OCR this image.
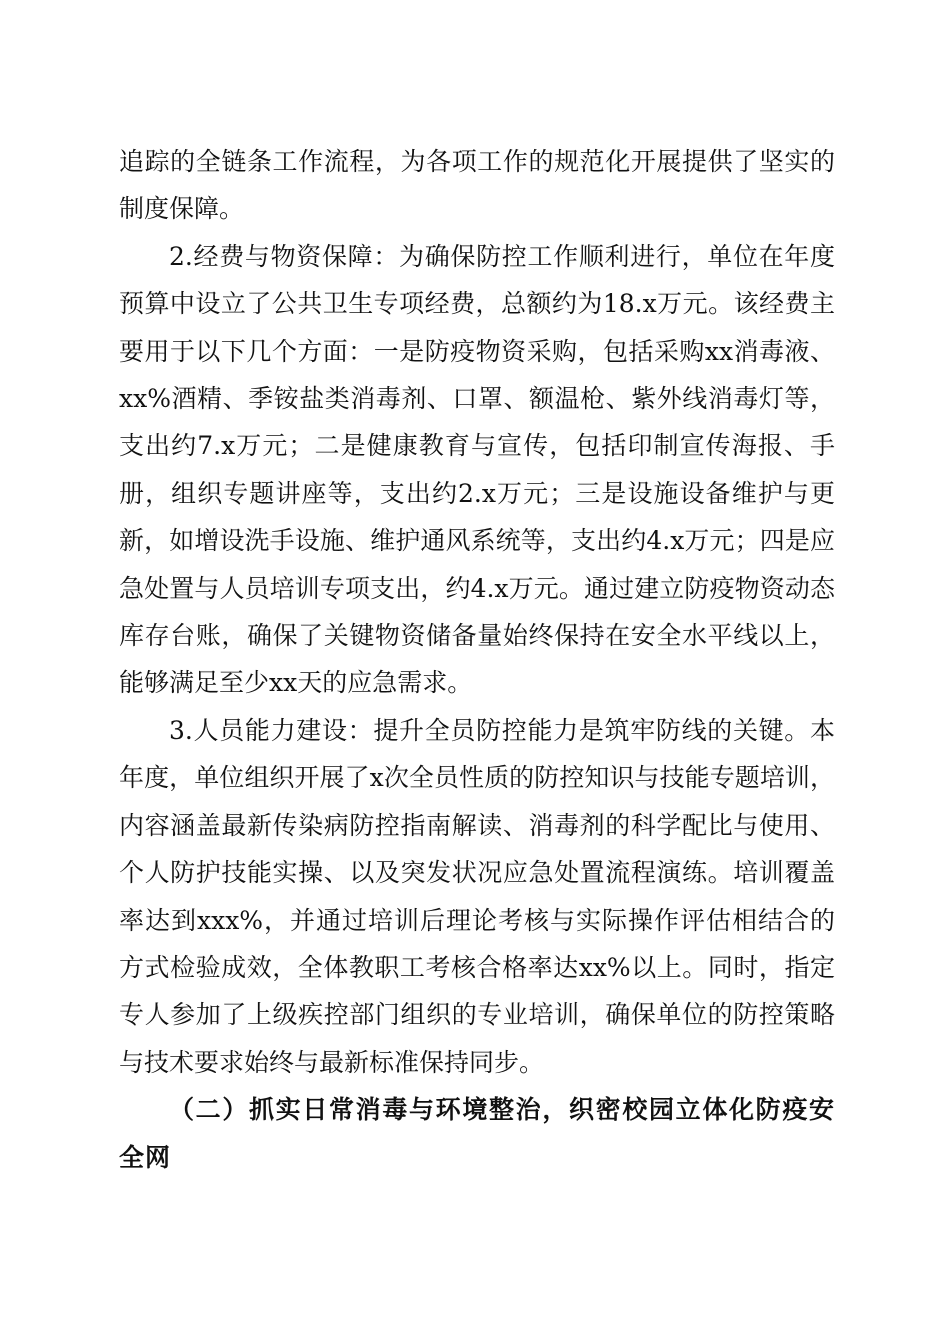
追踪的全链条工作流程，为各项工作的规范化开展提供了坚实的制度保障。

2.经费与物资保障：为确保防控工作顺利进行，单位在年度预算中设立了公共卫生专项经费，总额约为18.x万元。该经费主要用于以下几个方面：一是防疫物资采购，包括采购xx消毒液、xx%酒精、季铵盐类消毒剂、口罩、额温枪、紫外线消毒灯等，支出约7.x万元；二是健康教育与宣传，包括印制宣传海报、手册，组织专题讲座等，支出约2.x万元；三是设施设备维护与更新，如增设洗手设施、维护通风系统等，支出约4.x万元；四是应急处置与人员培训专项支出，约4.x万元。通过建立防疫物资动态库存台账，确保了关键物资储备量始终保持在安全水平线以上，能够满足至少xx天的应急需求。

3.人员能力建设：提升全员防控能力是筑牢防线的关键。本年度，单位组织开展了x次全员性质的防控知识与技能专题培训，内容涵盖最新传染病防控指南解读、消毒剂的科学配比与使用、个人防护技能实操、以及突发状况应急处置流程演练。培训覆盖率达到xxx%，并通过培训后理论考核与实际操作评估相结合的方式检验成效，全体教职工考核合格率达xx%以上。同时，指定专人参加了上级疾控部门组织的专业培训，确保单位的防控策略与技术要求始终与最新标准保持同步。

（二）抓实日常消毒与环境整治，织密校园立体化防疫安全网
